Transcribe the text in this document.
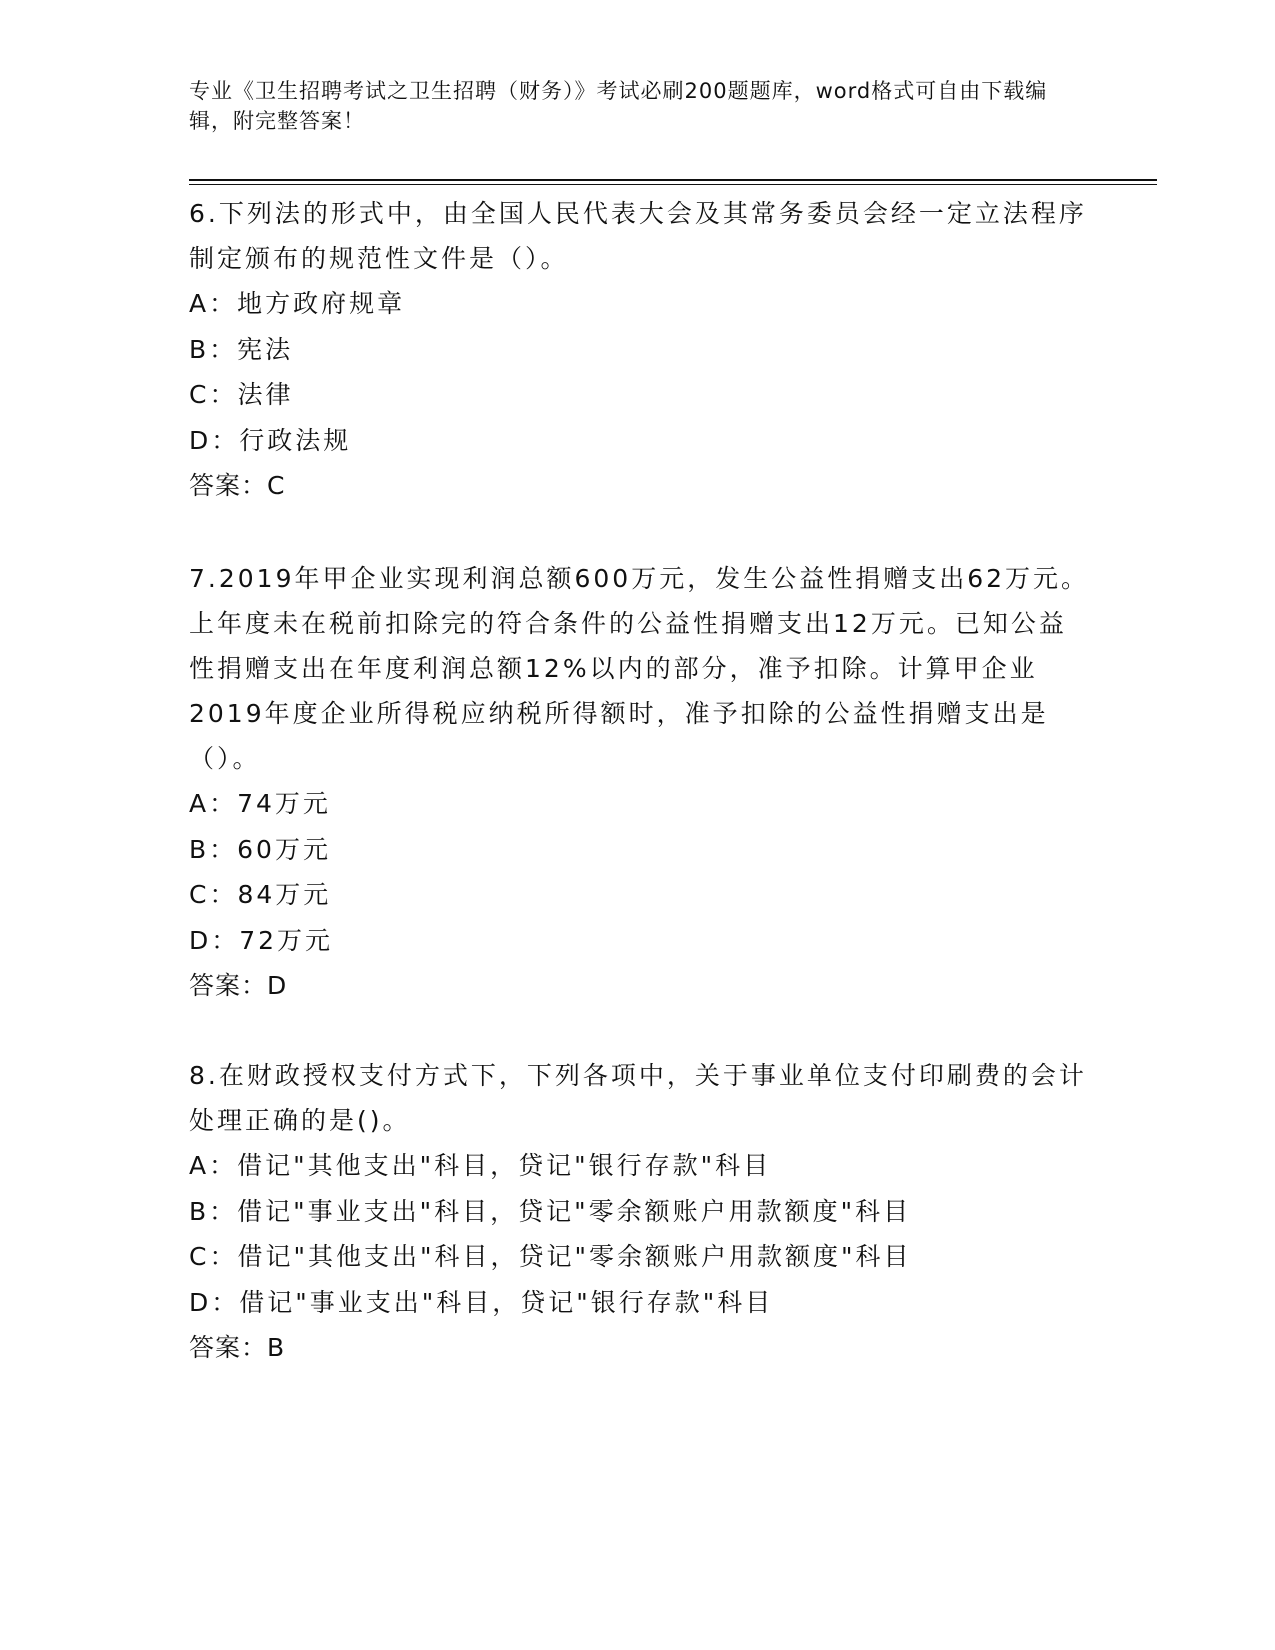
专业《卫生招聘考试之卫生招聘（财务）》考试必刷200题题库，word格式可自由下载编辑，附完整答案！
6.下列法的形式中，由全国人民代表大会及其常务委员会经一定立法程序制定颁布的规范性文件是（）。
A：地方政府规章
B：宪法
C：法律
D：行政法规
答案：C
7.2019年甲企业实现利润总额600万元，发生公益性捐赠支出62万元。上年度未在税前扣除完的符合条件的公益性捐赠支出12万元。已知公益性捐赠支出在年度利润总额12%以内的部分，准予扣除。计算甲企业2019年度企业所得税应纳税所得额时，准予扣除的公益性捐赠支出是（）。
A：74万元
B：60万元
C：84万元
D：72万元
答案：D
8.在财政授权支付方式下，下列各项中，关于事业单位支付印刷费的会计处理正确的是()。
A：借记"其他支出"科目，贷记"银行存款"科目
B：借记"事业支出"科目，贷记"零余额账户用款额度"科目
C：借记"其他支出"科目，贷记"零余额账户用款额度"科目
D：借记"事业支出"科目，贷记"银行存款"科目
答案：B
